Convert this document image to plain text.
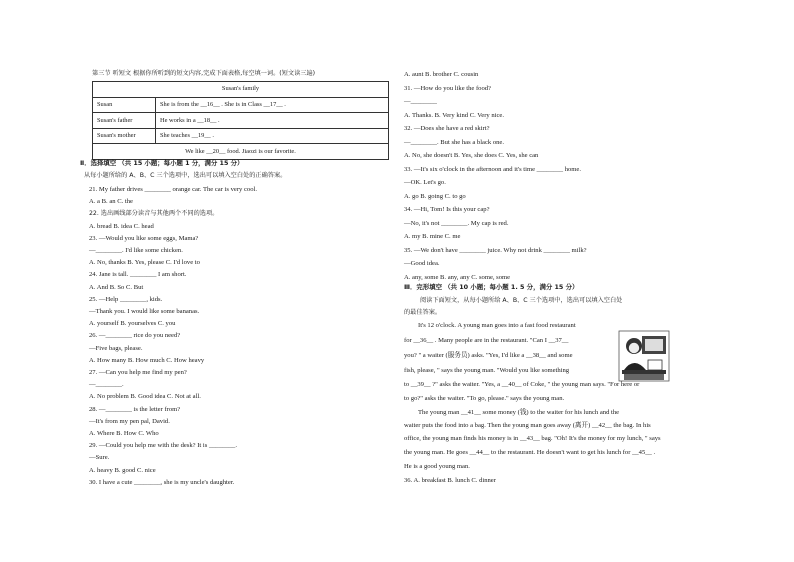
第三节 听短文 根据你所听到的短文内容,完成下面表格,每空填一词。(短文读三遍)
Susan's family	
Susan	She is from the __16__ . She is in Class __17__ .
Susan's father	He works in a __18__ .
Susan's mother	She teaches __19__ .
We like __20__ food. Jiaozi is our favorite.	
Ⅱ．选择填空 （共 15 小题；每小题 1 分，满分 15 分）
从每小题所给的 A、B、C 三个选项中，选出可以填入空白处的正确答案。
21. My father drives ________ orange car. The car is very cool.
A. a B. an C. the
22. 选出画线部分读音与其他两个不同的选项。
A. bread B. idea C. head
23. —Would you like some eggs, Mama?
—________. I'd like some chicken.
A. No, thanks B. Yes, please C. I'd love to
24. Jane is tall. ________ I am short.
A. And B. So C. But
25. —Help ________, kids.
—Thank you. I would like some bananas.
A. yourself B. yourselves C. you
26. —________ rice do you need?
—Five bags, please.
A. How many B. How much C. How heavy
27. —Can you help me find my pen?
—________.
A. No problem B. Good idea C. Not at all.
28. —________ is the letter from?
—It's from my pen pal, David.
A. Where B. How C. Who
29. —Could you help me with the desk? It is ________.
—Sure.
A. heavy B. good C. nice
30. I have a cute ________, she is my uncle's daughter.
A. aunt B. brother C. cousin
31. —How do you like the food?
—________
A. Thanks. B. Very kind C. Very nice.
32. —Does she have a red skirt?
—________. But she has a black one.
A. No, she doesn't B. Yes, she does C. Yes, she can
33. —It's six o'clock in the afternoon and it's time ________ home.
—OK. Let's go.
A. go B. going C. to go
34. —Hi, Tom! Is this your cap?
—No, it's not ________. My cap is red.
A. my B. mine C. me
35. —We don't have ________ juice. Why not drink ________ milk?
—Good idea.
A. any, some B. any, any C. some, some
Ⅲ．完形填空 （共 10 小题；每小题 1. 5 分，满分 15 分）
阅读下面短文，从每小题所给 A、B、C 三个选项中，选出可以填入空白处
的最佳答案。
It's 12 o'clock. A young man goes into a fast food restaurant
for __36__ . Many people are in the restaurant. "Can I __37__
you? " a waiter (服务员) asks. "Yes, I'd like a __38__ and some
fish, please, " says the young man. "Would you like something
to __39__ ?" asks the waiter. "Yes, a __40__ of Coke, " the young man says. "For here or
to go?" asks the waiter. "To go, please." says the young man.
The young man __41__ some money (钱) to the waiter for his lunch and the
waiter puts the food into a bag. Then the young man goes away (离开) __42__ the bag. In his
office, the young man finds his money is in __43__ bag. "Oh! It's the money for my lunch, " says
the young man. He goes __44__ to the restaurant. He doesn't want to get his lunch for __45__ .
He is a good young man.
36. A. breakfast B. lunch C. dinner
